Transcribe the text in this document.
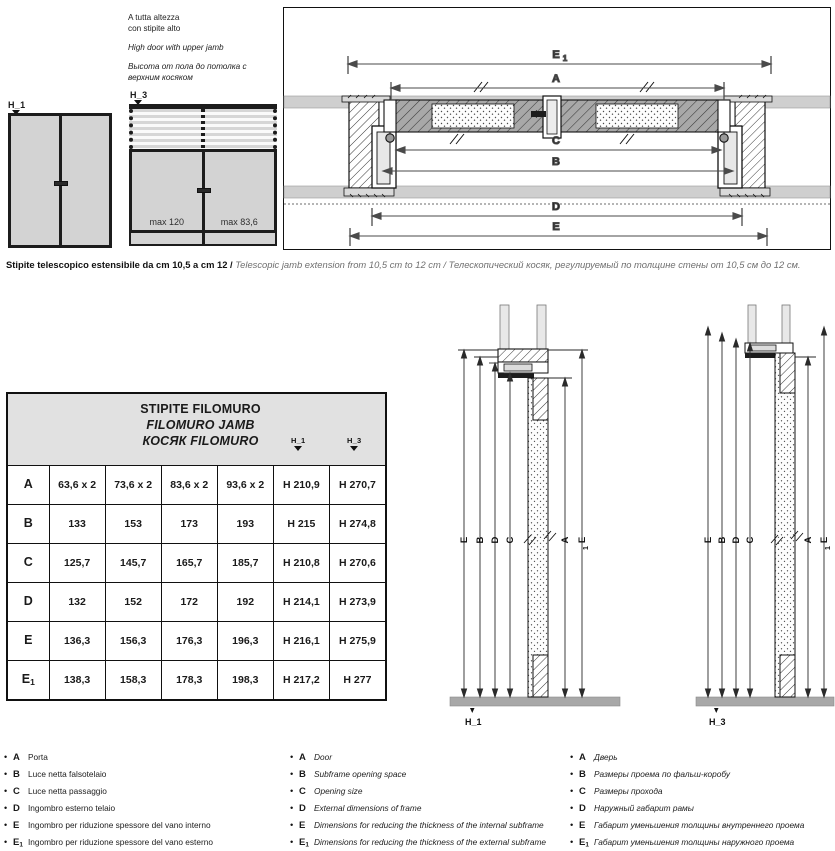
H_1

A tutta altezza
con stipite alto

High door with upper jamb

Высота от пола до потолка с
верхним косяком

H_3
max 120	max 83,6
E 1
A
C
B
D
E
Stipite telescopico estensibile da cm 10,5 a cm 12 / Telescopic jamb extension from 10,5 cm to 12 cm / Телескопический косяк, регулируемый по толщине стены от 10,5 см до 12 см.
STIPITE FILOMURO
FILOMURO JAMB
КОСЯК FILOMURO H_1 H_3						

A	63,6 x 2	73,6 x 2	83,6 x 2	93,6 x 2	H 210,9	H 270,7
B	133	153	173	193	H 215	H 274,8
C	125,7	145,7	165,7	185,7	H 210,8	H 270,6
D	132	152	172	192	H 214,1	H 273,9
E	136,3	156,3	176,3	196,3	H 216,1	H 275,9
$E_1$	138,3	158,3	178,3	198,3	H 217,2	H 277
E B D C	A E
1
H_1
E B D C	A E
1
H_3
• A Porta
• B Luce netta falsotelaio
• C Luce netta passaggio
• D Ingombro esterno telaio
• E	Ingombro per riduzione spessore del vano interno
• $E_1$ Ingombro per riduzione spessore del vano esterno
• A Door
• B Subframe opening space
• C Opening size
• D External dimensions of frame
• E	Dimensions for reducing the thickness of the internal subframe
• $E_1$ Dimensions for reducing the thickness of the external subframe
• A Дверь
• B Размеры проема по фальш-коробу
• C Размеры прохода
• D Наружный габарит рамы
• E	Габарит уменьшения толщины внутреннего проема
• $E_1$ Габарит уменьшения толщины наружного проема
